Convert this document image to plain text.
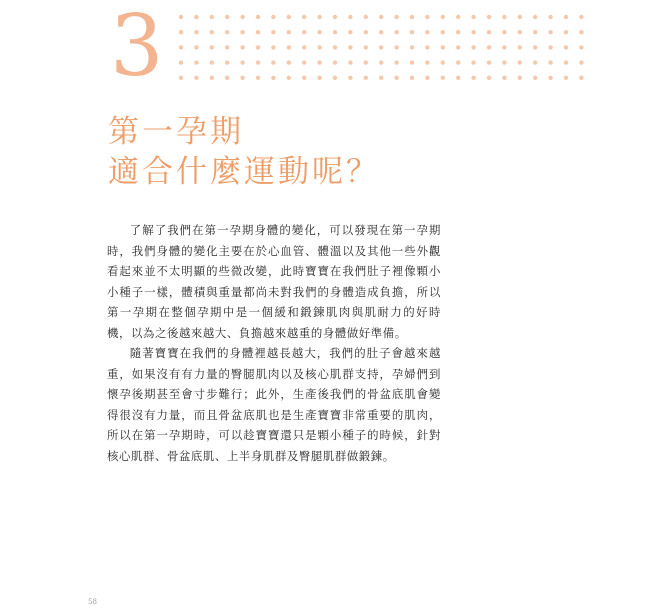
3
第一孕期
適合什麼運動呢？

了解了我們在第一孕期身體的變化，可以發現在第一孕期時，我們身體的變化主要在於心血管、體溫以及其他一些外觀看起來並不太明顯的些微改變，此時寶寶在我們肚子裡像顆小小種子一樣，體積與重量都尚未對我們的身體造成負擔，所以第一孕期在整個孕期中是一個緩和鍛鍊肌肉與肌耐力的好時機，以為之後越來越大、負擔越來越重的身體做好準備。

隨著寶寶在我們的身體裡越長越大，我們的肚子會越來越重，如果沒有有力量的臀腿肌肉以及核心肌群支持，孕婦們到懷孕後期甚至會寸步難行；此外，生產後我們的骨盆底肌會變得很沒有力量，而且骨盆底肌也是生產寶寶非常重要的肌肉，所以在第一孕期時，可以趁寶寶還只是顆小種子的時候，針對核心肌群、骨盆底肌、上半身肌群及臀腿肌群做鍛鍊。

58
